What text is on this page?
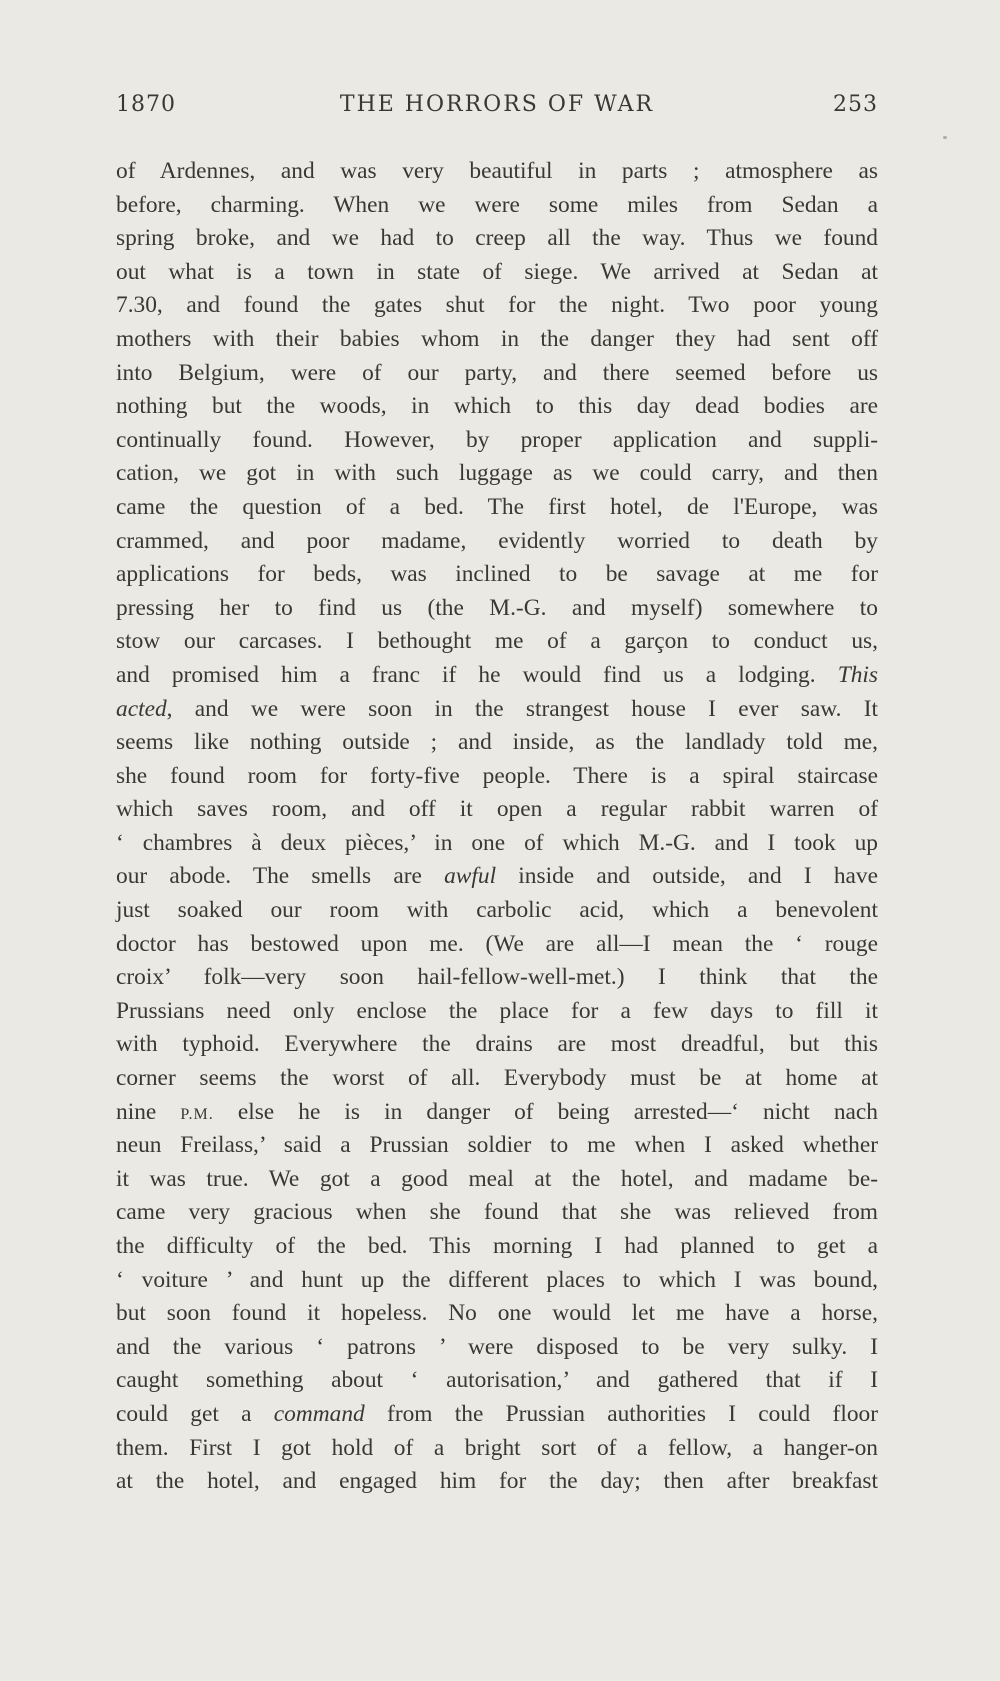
1870	THE HORRORS OF WAR	253
of Ardennes, and was very beautiful in parts ; atmosphere as
before, charming. When we were some miles from Sedan a
spring broke, and we had to creep all the way. Thus we found
out what is a town in state of siege. We arrived at Sedan at
7.30, and found the gates shut for the night. Two poor young
mothers with their babies whom in the danger they had sent off
into Belgium, were of our party, and there seemed before us
nothing but the woods, in which to this day dead bodies are
continually found. However, by proper application and suppli-
cation, we got in with such luggage as we could carry, and then
came the question of a bed. The first hotel, de l'Europe, was
crammed, and poor madame, evidently worried to death by
applications for beds, was inclined to be savage at me for
pressing her to find us (the M.-G. and myself) somewhere to
stow our carcases. I bethought me of a garçon to conduct us,
and promised him a franc if he would find us a lodging. This
acted, and we were soon in the strangest house I ever saw. It
seems like nothing outside ; and inside, as the landlady told me,
she found room for forty-five people. There is a spiral staircase
which saves room, and off it open a regular rabbit warren of
‘ chambres à deux pièces,’ in one of which M.-G. and I took up
our abode. The smells are awful inside and outside, and I have
just soaked our room with carbolic acid, which a benevolent
doctor has bestowed upon me. (We are all—I mean the ‘ rouge
croix’ folk—very soon hail-fellow-well-met.) I think that the
Prussians need only enclose the place for a few days to fill it
with typhoid. Everywhere the drains are most dreadful, but this
corner seems the worst of all. Everybody must be at home at
nine P.M. else he is in danger of being arrested—‘ nicht nach
neun Freilass,’ said a Prussian soldier to me when I asked whether
it was true. We got a good meal at the hotel, and madame be-
came very gracious when she found that she was relieved from
the difficulty of the bed. This morning I had planned to get a
‘ voiture ’ and hunt up the different places to which I was bound,
but soon found it hopeless. No one would let me have a horse,
and the various ‘ patrons ’ were disposed to be very sulky. I
caught something about ‘ autorisation,’ and gathered that if I
could get a command from the Prussian authorities I could floor
them. First I got hold of a bright sort of a fellow, a hanger-on
at the hotel, and engaged him for the day; then after breakfast
